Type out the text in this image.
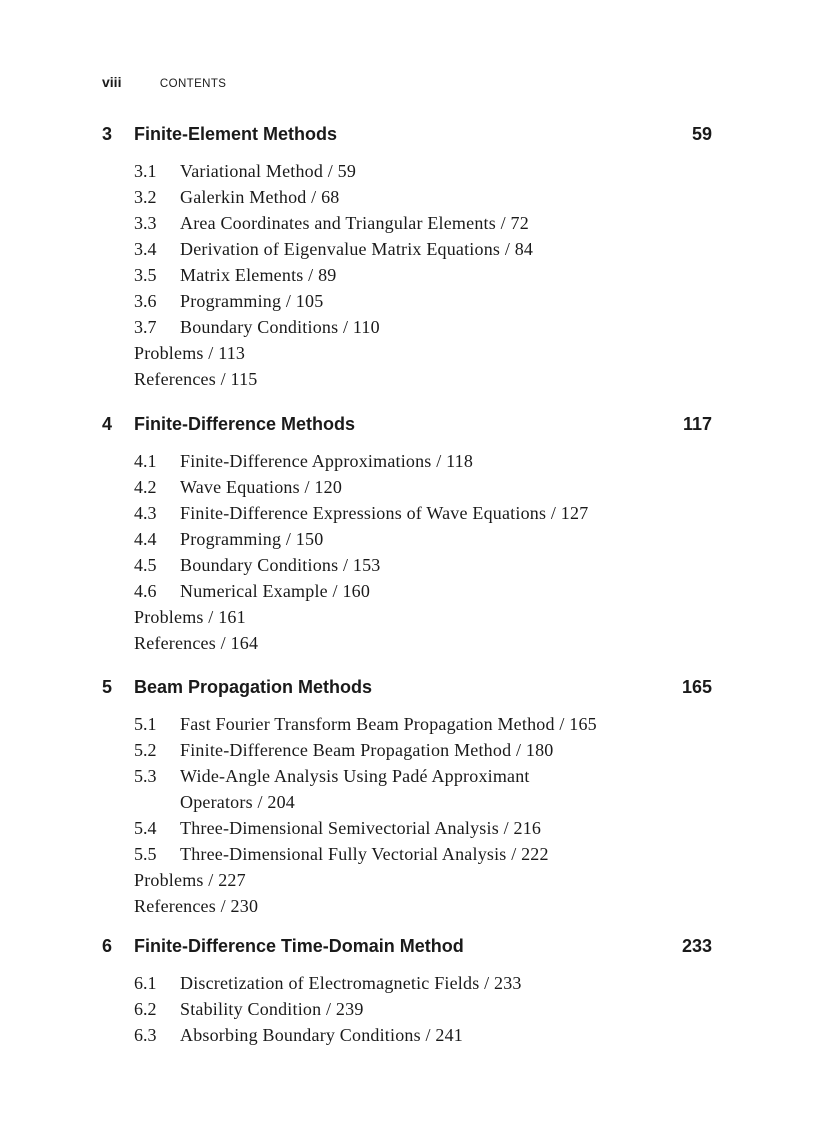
viii	CONTENTS
3 Finite-Element Methods	59
3.1 Variational Method / 59
3.2 Galerkin Method / 68
3.3 Area Coordinates and Triangular Elements / 72
3.4 Derivation of Eigenvalue Matrix Equations / 84
3.5 Matrix Elements / 89
3.6 Programming / 105
3.7 Boundary Conditions / 110
Problems / 113
References / 115
4 Finite-Difference Methods	117
4.1 Finite-Difference Approximations / 118
4.2 Wave Equations / 120
4.3 Finite-Difference Expressions of Wave Equations / 127
4.4 Programming / 150
4.5 Boundary Conditions / 153
4.6 Numerical Example / 160
Problems / 161
References / 164
5 Beam Propagation Methods	165
5.1 Fast Fourier Transform Beam Propagation Method / 165
5.2 Finite-Difference Beam Propagation Method / 180
5.3 Wide-Angle Analysis Using Padé Approximant Operators / 204
5.4 Three-Dimensional Semivectorial Analysis / 216
5.5 Three-Dimensional Fully Vectorial Analysis / 222
Problems / 227
References / 230
6 Finite-Difference Time-Domain Method	233
6.1 Discretization of Electromagnetic Fields / 233
6.2 Stability Condition / 239
6.3 Absorbing Boundary Conditions / 241
